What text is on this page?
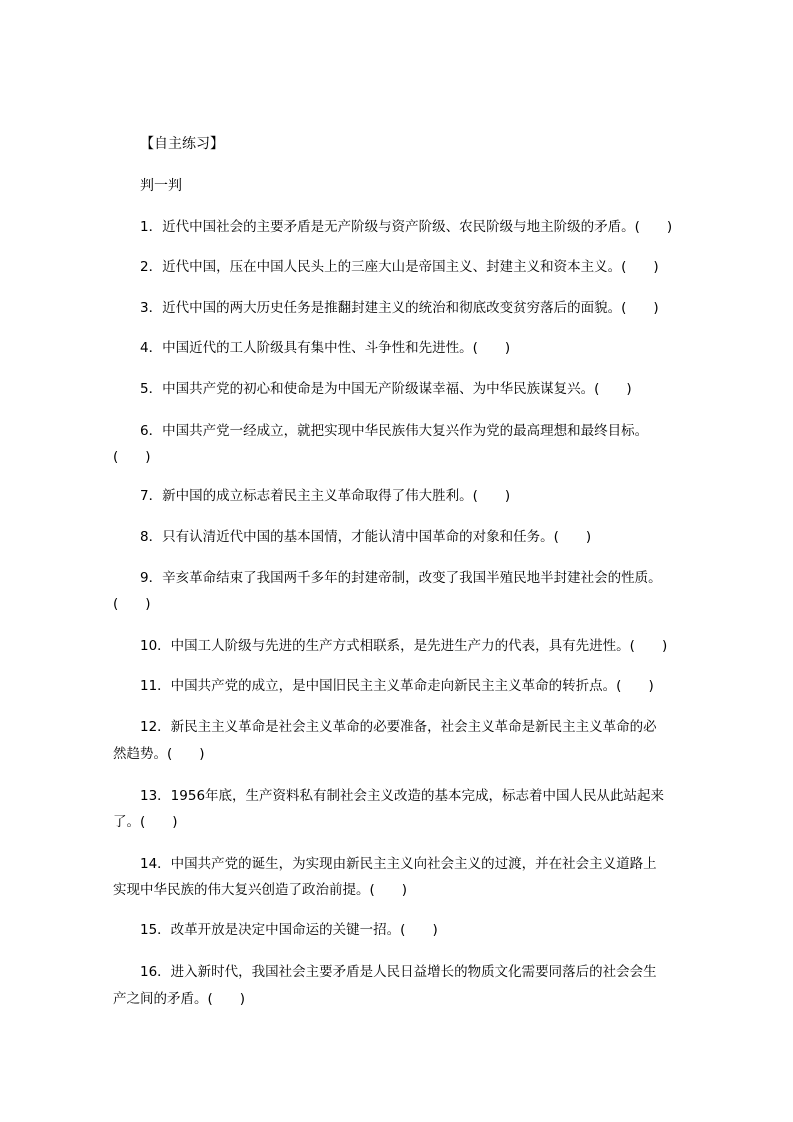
【自主练习】
判一判
1．近代中国社会的主要矛盾是无产阶级与资产阶级、农民阶级与地主阶级的矛盾。(　　)
2．近代中国，压在中国人民头上的三座大山是帝国主义、封建主义和资本主义。(　　)
3．近代中国的两大历史任务是推翻封建主义的统治和彻底改变贫穷落后的面貌。(　　)
4．中国近代的工人阶级具有集中性、斗争性和先进性。(　　)
5．中国共产党的初心和使命是为中国无产阶级谋幸福、为中华民族谋复兴。(　　)
6．中国共产党一经成立，就把实现中华民族伟大复兴作为党的最高理想和最终目标。
(　　)
7．新中国的成立标志着民主主义革命取得了伟大胜利。(　　)
8．只有认清近代中国的基本国情，才能认清中国革命的对象和任务。(　　)
9．辛亥革命结束了我国两千多年的封建帝制，改变了我国半殖民地半封建社会的性质。
(　　)
10．中国工人阶级与先进的生产方式相联系，是先进生产力的代表，具有先进性。(　　)
11．中国共产党的成立，是中国旧民主主义革命走向新民主主义革命的转折点。(　　)
12．新民主主义革命是社会主义革命的必要准备，社会主义革命是新民主主义革命的必
然趋势。(　　)
13．1956年底，生产资料私有制社会主义改造的基本完成，标志着中国人民从此站起来
了。(　　)
14．中国共产党的诞生，为实现由新民主主义向社会主义的过渡，并在社会主义道路上
实现中华民族的伟大复兴创造了政治前提。(　　)
15．改革开放是决定中国命运的关键一招。(　　)
16．进入新时代，我国社会主要矛盾是人民日益增长的物质文化需要同落后的社会会生
产之间的矛盾。(　　)
